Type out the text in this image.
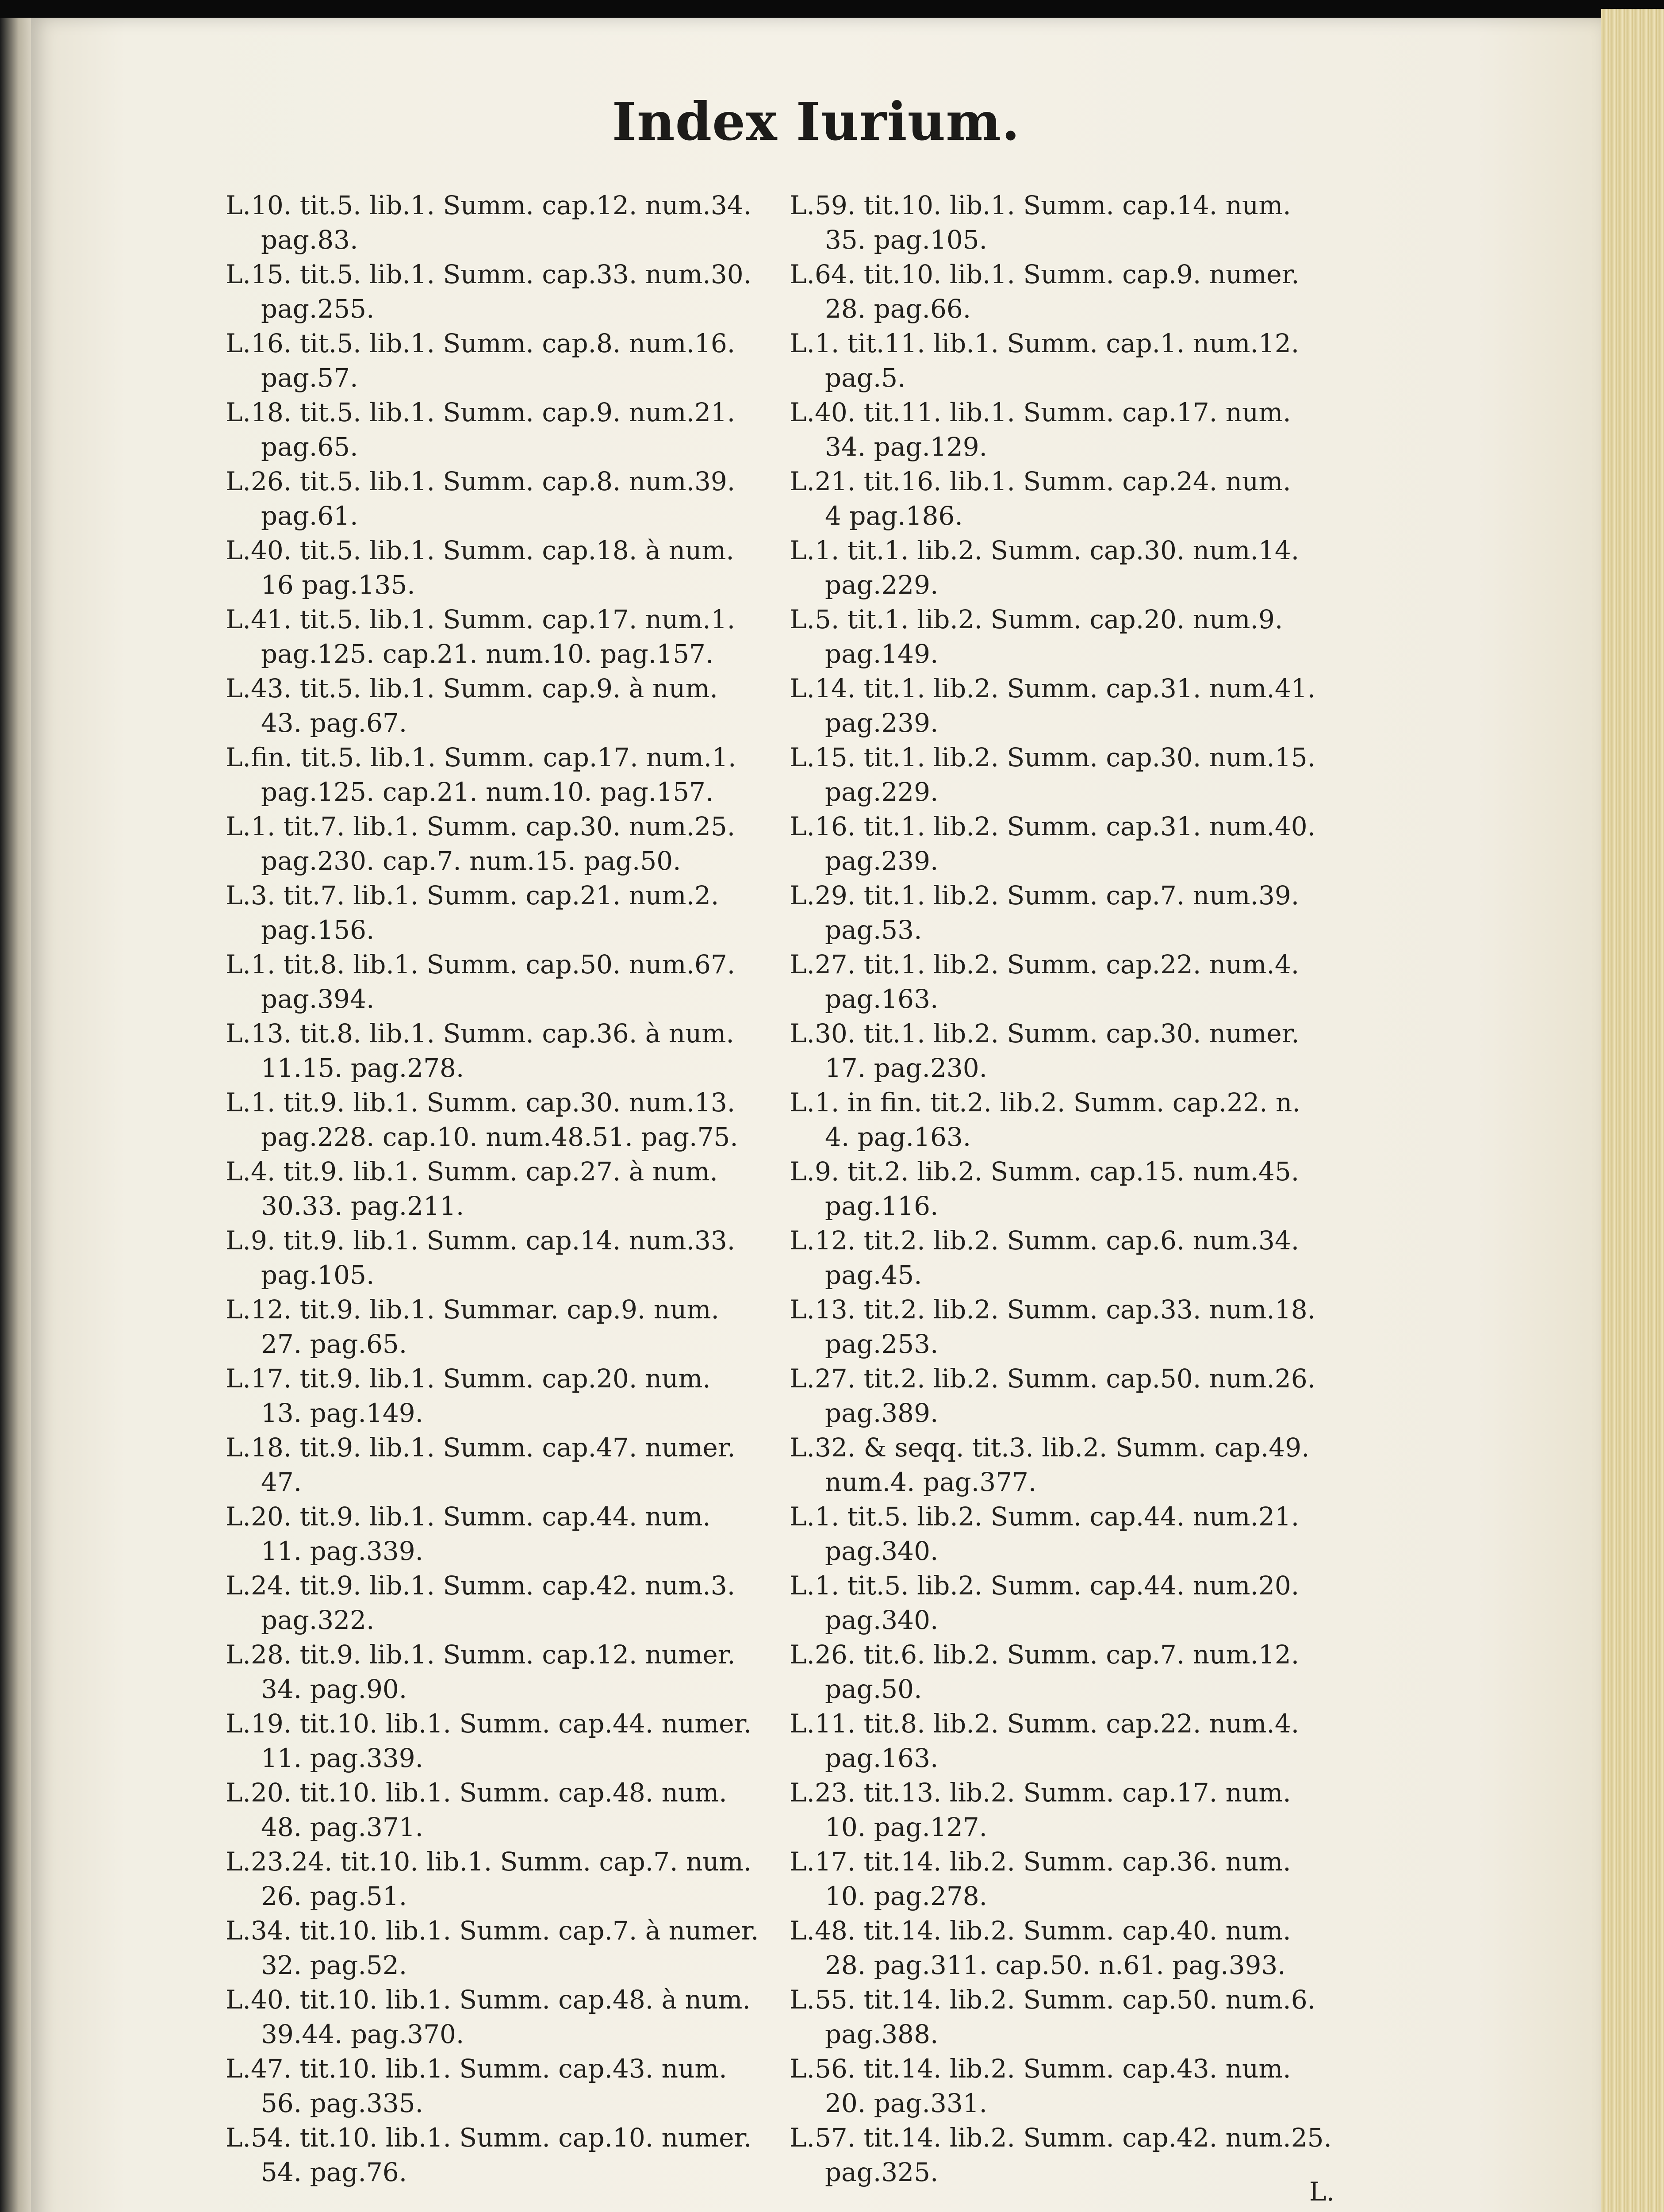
Index Iurium.
L.10. tit.5. lib.1. Summ. cap.12. num.34.
pag.83.
L.15. tit.5. lib.1. Summ. cap.33. num.30.
pag.255.
L.16. tit.5. lib.1. Summ. cap.8. num.16.
pag.57.
L.18. tit.5. lib.1. Summ. cap.9. num.21.
pag.65.
L.26. tit.5. lib.1. Summ. cap.8. num.39.
pag.61.
L.40. tit.5. lib.1. Summ. cap.18. à num.
16 pag.135.
L.41. tit.5. lib.1. Summ. cap.17. num.1.
pag.125. cap.21. num.10. pag.157.
L.43. tit.5. lib.1. Summ. cap.9. à num.
43. pag.67.
L.fin. tit.5. lib.1. Summ. cap.17. num.1.
pag.125. cap.21. num.10. pag.157.
L.1. tit.7. lib.1. Summ. cap.30. num.25.
pag.230. cap.7. num.15. pag.50.
L.3. tit.7. lib.1. Summ. cap.21. num.2.
pag.156.
L.1. tit.8. lib.1. Summ. cap.50. num.67.
pag.394.
L.13. tit.8. lib.1. Summ. cap.36. à num.
11.15. pag.278.
L.1. tit.9. lib.1. Summ. cap.30. num.13.
pag.228. cap.10. num.48.51. pag.75.
L.4. tit.9. lib.1. Summ. cap.27. à num.
30.33. pag.211.
L.9. tit.9. lib.1. Summ. cap.14. num.33.
pag.105.
L.12. tit.9. lib.1. Summar. cap.9. num.
27. pag.65.
L.17. tit.9. lib.1. Summ. cap.20. num.
13. pag.149.
L.18. tit.9. lib.1. Summ. cap.47. numer.
47.
L.20. tit.9. lib.1. Summ. cap.44. num.
11. pag.339.
L.24. tit.9. lib.1. Summ. cap.42. num.3.
pag.322.
L.28. tit.9. lib.1. Summ. cap.12. numer.
34. pag.90.
L.19. tit.10. lib.1. Summ. cap.44. numer.
11. pag.339.
L.20. tit.10. lib.1. Summ. cap.48. num.
48. pag.371.
L.23.24. tit.10. lib.1. Summ. cap.7. num.
26. pag.51.
L.34. tit.10. lib.1. Summ. cap.7. à numer.
32. pag.52.
L.40. tit.10. lib.1. Summ. cap.48. à num.
39.44. pag.370.
L.47. tit.10. lib.1. Summ. cap.43. num.
56. pag.335.
L.54. tit.10. lib.1. Summ. cap.10. numer.
54. pag.76.
L.59. tit.10. lib.1. Summ. cap.14. num.
35. pag.105.
L.64. tit.10. lib.1. Summ. cap.9. numer.
28. pag.66.
L.1. tit.11. lib.1. Summ. cap.1. num.12.
pag.5.
L.40. tit.11. lib.1. Summ. cap.17. num.
34. pag.129.
L.21. tit.16. lib.1. Summ. cap.24. num.
4 pag.186.
L.1. tit.1. lib.2. Summ. cap.30. num.14.
pag.229.
L.5. tit.1. lib.2. Summ. cap.20. num.9.
pag.149.
L.14. tit.1. lib.2. Summ. cap.31. num.41.
pag.239.
L.15. tit.1. lib.2. Summ. cap.30. num.15.
pag.229.
L.16. tit.1. lib.2. Summ. cap.31. num.40.
pag.239.
L.29. tit.1. lib.2. Summ. cap.7. num.39.
pag.53.
L.27. tit.1. lib.2. Summ. cap.22. num.4.
pag.163.
L.30. tit.1. lib.2. Summ. cap.30. numer.
17. pag.230.
L.1. in fin. tit.2. lib.2. Summ. cap.22. n.
4. pag.163.
L.9. tit.2. lib.2. Summ. cap.15. num.45.
pag.116.
L.12. tit.2. lib.2. Summ. cap.6. num.34.
pag.45.
L.13. tit.2. lib.2. Summ. cap.33. num.18.
pag.253.
L.27. tit.2. lib.2. Summ. cap.50. num.26.
pag.389.
L.32. & seqq. tit.3. lib.2. Summ. cap.49.
num.4. pag.377.
L.1. tit.5. lib.2. Summ. cap.44. num.21.
pag.340.
L.1. tit.5. lib.2. Summ. cap.44. num.20.
pag.340.
L.26. tit.6. lib.2. Summ. cap.7. num.12.
pag.50.
L.11. tit.8. lib.2. Summ. cap.22. num.4.
pag.163.
L.23. tit.13. lib.2. Summ. cap.17. num.
10. pag.127.
L.17. tit.14. lib.2. Summ. cap.36. num.
10. pag.278.
L.48. tit.14. lib.2. Summ. cap.40. num.
28. pag.311. cap.50. n.61. pag.393.
L.55. tit.14. lib.2. Summ. cap.50. num.6.
pag.388.
L.56. tit.14. lib.2. Summ. cap.43. num.
20. pag.331.
L.57. tit.14. lib.2. Summ. cap.42. num.25.
pag.325.
L.
